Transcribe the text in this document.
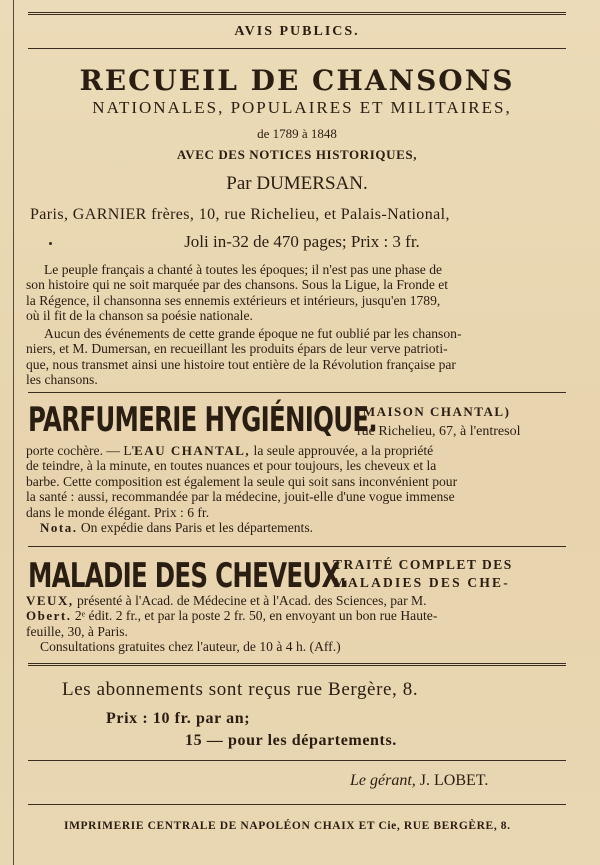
AVIS PUBLICS.
RECUEIL DE CHANSONS
NATIONALES, POPULAIRES ET MILITAIRES,
de 1789 à 1848
AVEC DES NOTICES HISTORIQUES,
Par DUMERSAN.
Paris, GARNIER frères, 10, rue Richelieu, et Palais-National,
Joli in-32 de 470 pages; Prix : 3 fr.
Le peuple français a chanté à toutes les époques; il n'est pas une phase de
son histoire qui ne soit marquée par des chansons. Sous la Ligue, la Fronde et
la Régence, il chansonna ses ennemis extérieurs et intérieurs, jusqu'en 1789,
où il fit de la chanson sa poésie nationale.
Aucun des événements de cette grande époque ne fut oublié par les chanson-
niers, et M. Dumersan, en recueillant les produits épars de leur verve patrioti-
que, nous transmet ainsi une histoire tout entière de la Révolution française par
les chansons.
PARFUMERIE HYGIÉNIQUE.
(MAISON CHANTAL)
rue Richelieu, 67, à l'entresol
porte cochère. — L'EAU CHANTAL, la seule approuvée, a la propriété
de teindre, à la minute, en toutes nuances et pour toujours, les cheveux et la
barbe. Cette composition est également la seule qui soit sans inconvénient pour
la santé : aussi, recommandée par la médecine, jouit-elle d'une vogue immense
dans le monde élégant. Prix : 6 fr.
Nota. On expédie dans Paris et les départements.
MALADIE DES CHEVEUX.
TRAITÉ COMPLET DES
MALADIES DES CHE-
VEUX, présenté à l'Acad. de Médecine et à l'Acad. des Sciences, par M.
Obert. 2ᵉ édit. 2 fr., et par la poste 2 fr. 50, en envoyant un bon rue Haute-
feuille, 30, à Paris.
Consultations gratuites chez l'auteur, de 10 à 4 h. (Aff.)
Les abonnements sont reçus rue Bergère, 8.
Prix : 10 fr. par an;
15 — pour les départements.
Le gérant, J. LOBET.
IMPRIMERIE CENTRALE DE NAPOLÉON CHAIX ET Cie, RUE BERGÈRE, 8.
